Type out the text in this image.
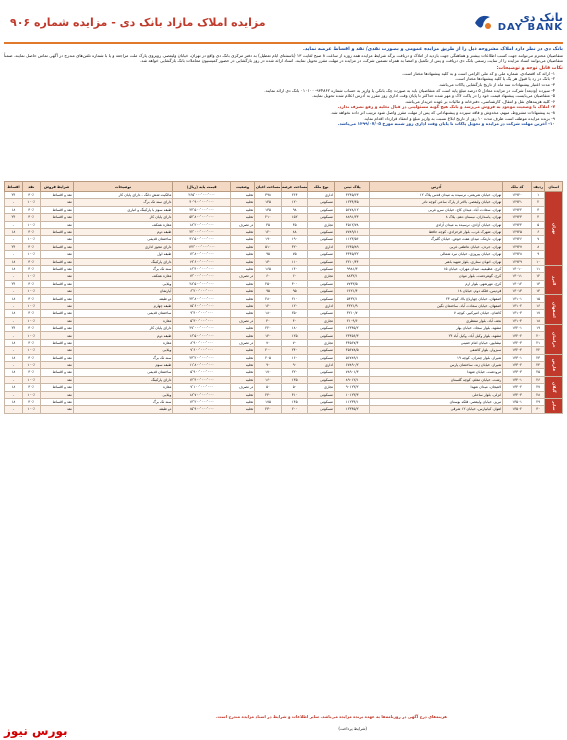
بانک دی
DAY BANK
مزایده املاک مازاد بانک دی - مزایده شماره ۹۰۶
بانک دی در نظر دارد املاک مشروحه ذیل را از طریق مزایده عمومی و بصورت نقدی/ نقد و اقساط عرضه نماید.
متقاضیان محترم می‌توانند جهت کسب اطلاعات بیشتر و هماهنگی جهت بازدید از املاک و دریافت برگه شرایط مزایده همه روزه از ساعت ۸ صبح لغایت ۱۳ (باستثنای ایام تعطیل) به دفتر مرکزی بانک دی واقع در تهران، خیابان ولیعصر، روبروی پارک ملت مراجعه و یا با شماره تلفن‌های مندرج در آگهی تماس حاصل نمایند. ضمناً متقاضیان می‌توانند اسناد مزایده را از سایت رسمی بانک دی دریافت و پس از تکمیل و امضا به همراه تضمین شرکت در مزایده در مهلت مقرر تحویل نمایند. اسناد ارائه شده در روز بازگشایی در حضور کمیسیون معاملات بانک بازگشایی خواهد شد.
نکات قابل توجه و توضیحات:
۱- ارائه کد اقتصادی، شماره ملی و کد ملی الزامی است و به کلیه پیشنهادها مختار است.
۲- بانک در رد یا قبول هر یک یا کلیه پیشنهادها مختار است.
۳- مدت اعتبار پیشنهادات سه ماه از تاریخ بازگشایی پاکات می‌باشد.
۴- سپرده (ودیعه) شرکت در مزایده معادل ۵ درصد مبلغ پایه است که متقاضیان باید به صورت چک بانکی یا واریز به حساب شماره ۰۱۰۱۰۰۰۹۳۴۸۶۲ بانک دی ارائه نمایند.
۵- متقاضیان می‌بایست پیشنهاد قیمت خود را در پاکت لاک و مهر شده حداکثر تا پایان وقت اداری روز مقرر به آدرس اعلام شده تحویل نمایند.
۶- کلیه هزینه‌های نقل و انتقال، کارشناسی، دفترخانه و مالیات بر عهده خریدار می‌باشد.
۷- املاک با وضعیت موجود به فروش می‌رسد و بانک هیچ گونه مسئولیتی در قبال تخلیه و رفع تصرف ندارد.
۸- به پیشنهادات مشروط، مبهم، مخدوش و فاقد سپرده و پیشنهاداتی که پس از مهلت مقرر واصل شود ترتیب اثر داده نخواهد شد.
۹- برنده مزایده موظف است ظرف مدت ۱۰ روز از تاریخ ابلاغ نسبت به واریز مبلغ و انعقاد قرارداد اقدام نماید.
۱۰- آخرین مهلت شرکت در مزایده و تحویل پاکات تا پایان وقت اداری روز شنبه مورخ ۱۳۹۹/۰۷/۰۵ می‌باشد.
استان	ردیف	کد ملک	آدرس	پلاک ثبتی	نوع ملک	مساحت عرصه	مساحت اعیان	وضعیت	قیمت پایه (ریال)	توضیحات	شرایط فروش	نقد	اقساط
تهران	۱	۱۲۹۲۰	تهران- خیابان شریعتی- نرسیده به میدان قدس پلاک ۱۲	۳۲۴۵/۶۳	اداری	۲۶۴	۳۹۸	تخلیه	۲۶۵٬۰۰۰٬۰۰۰٬۰۰۰	مالکیت شش دانگ - دارای پایان کار	نقد و اقساط	۳۰٪	۲۴
	۲	۱۲۹۲۱	تهران- خیابان ولیعصر- بالاتر از پارک ساعی کوچه نادر	۱۲۳۴/۴۵	مسکونی	۱۲۰	۱۴۵	تخلیه	۴۰٬۹۰۰٬۰۰۰٬۰۰۰	دارای سند تک برگ	نقد	۱۰۰٪	-
	۳	۱۲۹۲۲	تهران- سعادت آباد- میدان کاج- خیابان سرو غربی	۵۶۷۸/۱۲	مسکونی	۹۸	۱۳۵	تخلیه	۲۴٬۵۰۰٬۰۰۰٬۰۰۰	طبقه سوم با پارکینگ و انباری	نقد و اقساط	۳۰٪	۱۸
	۴	۱۲۹۲۳	تهران- پاسداران- نیستان دهم- پلاک ۸	۸۸۹۱/۲۳	مسکونی	۱۵۲	۲۱۰	تخلیه	۵۲٬۸۰۰٬۰۰۰٬۰۰۰	دارای پایان کار	نقد و اقساط	۳۰٪	۲۴
	۵	۱۲۹۲۴	تهران- خیابان آزادی- نرسیده به میدان آزادی	۴۵۱۲/۷۸	تجاری	۴۵	۴۵	در تصرف	۱۸٬۲۰۰٬۰۰۰٬۰۰۰	مغازه همکف	نقد	۱۰۰٪	-
	۶	۱۲۹۲۵	تهران- شهرک غرب- بلوار فرحزادی- کوچه حافظ	۷۷۸۹/۱۱	مسکونی	۸۸	۱۲۰	تخلیه	۲۲٬۰۰۰٬۰۰۰٬۰۰۰	طبقه دوم	نقد و اقساط	۳۰٪	۱۸
	۷	۱۲۹۲۶	تهران- نارمک- میدان هفت حوض- خیابان گلبرگ	۱۱۲۳/۵۶	مسکونی	۱۹۰	۱۹۰	تخلیه	۳۱٬۵۰۰٬۰۰۰٬۰۰۰	ساختمان قدیمی	نقد	۱۰۰٪	-
	۸	۱۲۹۲۷	تهران- جردن- خیابان عاطفی غربی	۶۶۴۵/۸۹	اداری	۳۲۰	۵۱۰	تخلیه	۱۴۲٬۰۰۰٬۰۰۰٬۰۰۰	دارای مجوز اداری	نقد و اقساط	۳۰٪	۲۴
	۹	۱۲۹۲۸	تهران- خیابان پیروزی- خیابان نبرد شمالی	۳۳۴۵/۲۲	مسکونی	۷۵	۹۵	تخلیه	۱۲٬۸۰۰٬۰۰۰٬۰۰۰	طبقه اول	نقد	۱۰۰٪	-
	۱۰	۱۲۹۲۹	تهران- اتوبان ستاری- بلوار شهید باهنر	۲۲۱۰/۴۴	مسکونی	۱۱۰	۱۳۰	تخلیه	۱۹٬۶۰۰٬۰۰۰٬۰۰۰	دارای پارکینگ	نقد و اقساط	۳۰٪	۱۸
البرز	۱۱	۱۳۰۱۰	کرج- عظیمیه- میدان مهران- خیابان ۱۵	۹۹۸۱/۳	مسکونی	۱۴۰	۱۶۵	تخلیه	۱۶٬۴۰۰٬۰۰۰٬۰۰۰	سند تک برگ	نقد و اقساط	۳۰٪	۱۸
	۱۲	۱۳۰۱۱	کرج- گوهردشت- بلوار موذن	۸۸۳۲/۱	تجاری	۶۰	۶۰	در تصرف	۱۴٬۰۰۰٬۰۰۰٬۰۰۰	مغازه همکف	نقد	۱۰۰٪	-
	۱۳	۱۳۰۱۲	کرج- مهرشهر- بلوار ارم	۷۷۴۳/۵	مسکونی	۳۰۰	۲۵۰	تخلیه	۲۸٬۵۰۰٬۰۰۰٬۰۰۰	ویلایی	نقد و اقساط	۳۰٪	۲۴
	۱۴	۱۳۰۱۳	فردیس- فلکه دوم- خیابان ۱۸	۶۶۲۱/۴	مسکونی	۹۵	۹۵	تخلیه	۶٬۲۰۰٬۰۰۰٬۰۰۰	آپارتمان	نقد	۱۰۰٪	-
اصفهان	۱۵	۱۳۱۰۱	اصفهان- خیابان چهارباغ بالا- کوچه ۲۳	۵۴۳۲/۱	مسکونی	۲۱۰	۲۸۰	تخلیه	۲۴٬۸۰۰٬۰۰۰٬۰۰۰	دو طبقه	نقد و اقساط	۳۰٪	۱۸
	۱۶	۱۳۱۰۲	اصفهان- خیابان سعادت آباد- ساختمان نگین	۴۳۲۱/۹	اداری	۱۲۰	۱۲۰	تخلیه	۱۵٬۶۰۰٬۰۰۰٬۰۰۰	طبقه چهارم	نقد	۱۰۰٪	-
	۱۷	۱۳۱۰۳	کاشان- خیابان امیرکبیر- کوچه ۷	۳۲۱۰/۷	مسکونی	۲۵۰	۱۸۰	تخلیه	۹٬۴۰۰٬۰۰۰٬۰۰۰	ساختمان قدیمی	نقد و اقساط	۳۰٪	۱۸
	۱۸	۱۳۱۰۴	نجف آباد- بلوار منتظری	۲۱۰۹/۶	تجاری	۴۰	۴۰	در تصرف	۵٬۳۰۰٬۰۰۰٬۰۰۰	مغازه	نقد	۱۰۰٪	-
خراسان	۱۹	۱۳۲۰۱	مشهد- بلوار سجاد- خیابان بهار	۱۲۳۴۵/۲	مسکونی	۱۸۰	۲۲۰	تخلیه	۲۷٬۰۰۰٬۰۰۰٬۰۰۰	دارای پایان کار	نقد و اقساط	۳۰٪	۲۴
	۲۰	۱۳۲۰۲	مشهد- بلوار وکیل آباد- وکیل آباد ۲۴	۲۳۴۵۶/۳	مسکونی	۱۲۵	۱۴۰	تخلیه	۱۶٬۵۰۰٬۰۰۰٬۰۰۰	طبقه دوم	نقد	۱۰۰٪	-
	۲۱	۱۳۲۰۳	نیشابور- خیابان امام خمینی	۳۴۵۶۷/۴	تجاری	۷۰	۷۰	در تصرف	۸٬۹۰۰٬۰۰۰٬۰۰۰	مغازه	نقد و اقساط	۳۰٪	۱۸
	۲۲	۱۳۲۰۴	سبزوار- بلوار کاشفی	۴۵۶۷۸/۵	مسکونی	۲۴۰	۲۰۰	تخلیه	۷٬۶۰۰٬۰۰۰٬۰۰۰	ویلایی	نقد	۱۰۰٪	-
فارس	۲۳	۱۳۳۰۱	شیراز- بلوار چمران- کوچه ۱۹	۵۶۷۸۹/۱	مسکونی	۱۶۰	۲۰۵	تخلیه	۲۳٬۲۰۰٬۰۰۰٬۰۰۰	سند تک برگ	نقد و اقساط	۳۰٪	۱۸
	۲۴	۱۳۳۰۲	شیراز- خیابان زند- ساختمان پارس	۶۷۸۹۰/۲	اداری	۹۰	۹۰	تخلیه	۱۱٬۸۰۰٬۰۰۰٬۰۰۰	طبقه سوم	نقد	۱۰۰٪	-
	۲۵	۱۳۳۰۳	مرودشت- خیابان شهدا	۷۸۹۰۱/۳	مسکونی	۲۲۰	۱۷۰	تخلیه	۵٬۹۰۰٬۰۰۰٬۰۰۰	ساختمان قدیمی	نقد و اقساط	۳۰٪	۱۸
گیلان	۲۶	۱۳۴۰۱	رشت- خیابان معلم- کوچه گلستان	۸۹۰۱۲/۱	مسکونی	۱۳۵	۱۶۰	تخلیه	۱۲٬۴۰۰٬۰۰۰٬۰۰۰	دارای پارکینگ	نقد	۱۰۰٪	-
	۲۷	۱۳۴۰۲	لاهیجان- میدان شهدا	۹۰۱۲۳/۲	تجاری	۵۰	۵۰	در تصرف	۷٬۱۰۰٬۰۰۰٬۰۰۰	مغازه	نقد و اقساط	۳۰٪	۱۸
	۲۸	۱۳۴۰۳	انزلی- بلوار ساحلی	۱۰۱۲۳/۳	مسکونی	۳۱۰	۲۴۰	تخلیه	۱۸٬۷۰۰٬۰۰۰٬۰۰۰	ویلایی	نقد	۱۰۰٪	-
سایر	۲۹	۱۳۵۰۱	تبریز- خیابان ولیعصر- فلکه بوستان	۱۱۲۳۴/۱	مسکونی	۱۴۵	۱۷۵	تخلیه	۱۴٬۲۰۰٬۰۰۰٬۰۰۰	سند تک برگ	نقد و اقساط	۳۰٪	۱۸
	۳۰	۱۳۵۰۲	اهواز- کیانپارس- خیابان ۱۲ شرقی	۱۲۳۴۵/۲	مسکونی	۲۰۰	۲۳۰	تخلیه	۱۵٬۹۰۰٬۰۰۰٬۰۰۰	دو طبقه	نقد	۱۰۰٪	-
هزینه‌های درج آگهی در روزنامه‌ها به عهده برنده مزایده می‌باشد. سایر اطلاعات و شرایط در اسناد مزایده مندرج است.
(شرایط پرداخت)
بورس نیوز
